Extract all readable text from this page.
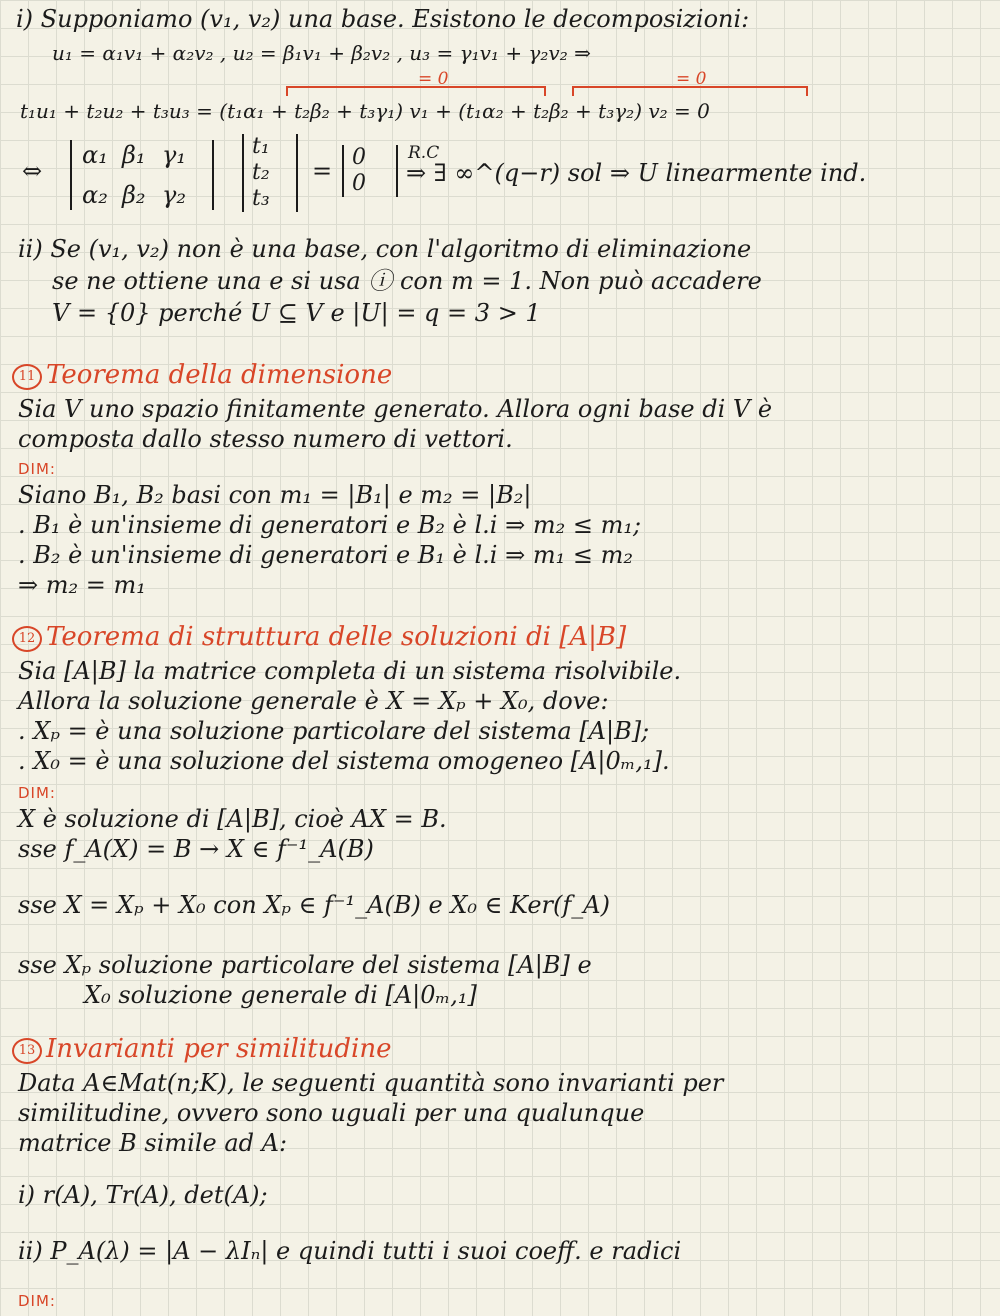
i) Supponiamo (v₁, v₂) una base. Esistono le decomposizioni:
u₁ = α₁v₁ + α₂v₂ , u₂ = β₁v₁ + β₂v₂ , u₃ = γ₁v₁ + γ₂v₂ ⇒
= 0	= 0
t₁u₁ + t₂u₂ + t₃u₃ = (t₁α₁ + t₂β₂ + t₃γ₁) v₁ + (t₁α₂ + t₂β₂ + t₃γ₂) v₂ = 0
⇔
α₁ β₁ γ₁
α₂ β₂ γ₂
t₁
t₂
t₃
= 0
0
R.C
⇒ ∃ ∞^(q−r) sol ⇒ U linearmente ind.
ii) Se (v₁, v₂) non è una base, con l'algoritmo di eliminazione
se ne ottiene una e si usa ⓘ con m = 1. Non può accadere
V = {0} perché U ⊆ V e |U| = q = 3 > 1
11 Teorema della dimensione
Sia V uno spazio finitamente generato. Allora ogni base di V è
composta dallo stesso numero di vettori.
DIM:
Siano B₁, B₂ basi con m₁ = |B₁| e m₂ = |B₂|
. B₁ è un'insieme di generatori e B₂ è l.i ⇒ m₂ ≤ m₁;
. B₂ è un'insieme di generatori e B₁ è l.i ⇒ m₁ ≤ m₂
⇒ m₂ = m₁
12 Teorema di struttura delle soluzioni di [A|B]
Sia [A|B] la matrice completa di un sistema risolvibile.
Allora la soluzione generale è X = Xₚ + X₀, dove:
. Xₚ = è una soluzione particolare del sistema [A|B];
. X₀ = è una soluzione del sistema omogeneo [A|0ₘ,₁].
DIM:
X è soluzione di [A|B], cioè AX = B.
sse f_A(X) = B → X ∈ f⁻¹_A(B)
sse X = Xₚ + X₀ con Xₚ ∈ f⁻¹_A(B) e X₀ ∈ Ker(f_A)
sse Xₚ soluzione particolare del sistema [A|B] e
X₀ soluzione generale di [A|0ₘ,₁]
13 Invarianti per similitudine
Data A∈Mat(n;K), le seguenti quantità sono invarianti per
similitudine, ovvero sono uguali per una qualunque
matrice B simile ad A:
i) r(A), Tr(A), det(A);
ii) P_A(λ) = |A − λIₙ| e quindi tutti i suoi coeff. e radici
DIM:
